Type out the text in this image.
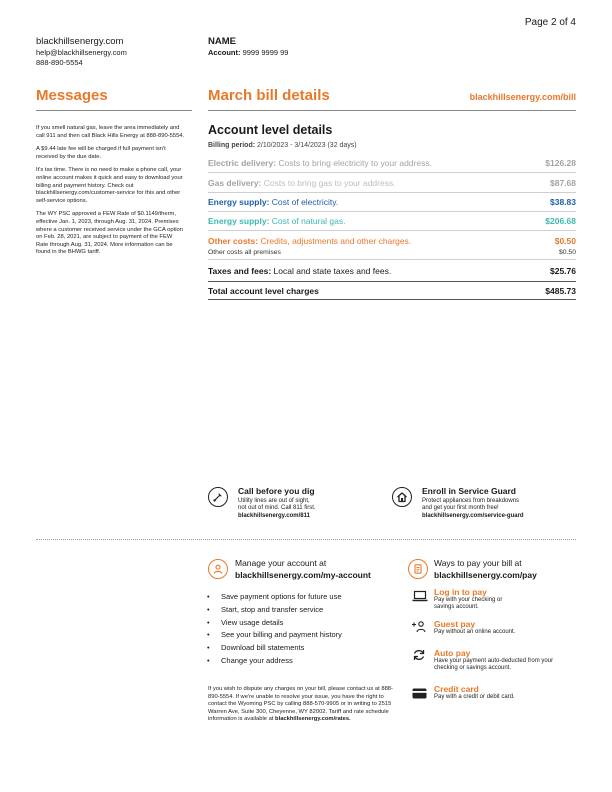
Page 2 of 4
blackhillsenergy.com
help@blackhillsenergy.com
888-890-5554
NAME
Account: 9999 9999 99
Messages	March bill details	blackhillsenergy.com/bill

If you smell natural gas, leave the area immediately and call 911 and then call Black Hills Energy at 888-890-5554.

A $9.44 late fee will be charged if full payment isn't received by the due date.

It's tax time. There is no need to make a phone call, your online account makes it quick and easy to download your billing and payment history. Check out blackhillsenergy.com/customer-service for this and other self-service options.

The WY PSC approved a FEW Rate of $0.1149/therm, effective Jan. 1, 2023, through Aug. 31, 2024. Premises where a customer received service under the GCA option on Feb. 28, 2021, are subject to payment of the FEW Rate through Aug. 31, 2024. More information can be found in the BHWG tariff.

Account level details
Billing period: 2/10/2023 - 3/14/2023 (32 days)
Electric delivery: Costs to bring electricity to your address.	$126.28
Gas delivery: Costs to bring gas to your address.	$87.68
Energy supply: Cost of electricity.	$38.83
Energy supply: Cost of natural gas.	$206.68
Other costs: Credits, adjustments and other charges.	$0.50
Other costs all premises	$0.50
Taxes and fees: Local and state taxes and fees.	$25.76
Total account level charges	$485.73
Call before you dig
Utility lines are out of sight,
not out of mind. Call 811 first.
blackhillsenergy.com/811
Enroll in Service Guard
Protect appliances from breakdowns
and get your first month free!
blackhillsenergy.com/service-guard
Manage your account at
blackhillsenergy.com/my-account
• Save payment options for future use
• Start, stop and transfer service
• View usage details
• See your billing and payment history
• Download bill statements
• Change your address
If you wish to dispute any charges on your bill, please contact us at 888-890-5554. If we're unable to resolve your issue, you have the right to contact the Wyoming PSC by calling 888-570-9905 or in writing to 2515 Warren Ave, Suite 300, Cheyenne, WY 82002. Tariff and rate schedule information is available at blackhillsenergy.com/rates.
Ways to pay your bill at
blackhillsenergy.com/pay
Log in to pay
Pay with your checking or savings account.
Guest pay
Pay without an online account.
Auto pay
Have your payment auto-deducted from your checking or savings account.
Credit card
Pay with a credit or debit card.
